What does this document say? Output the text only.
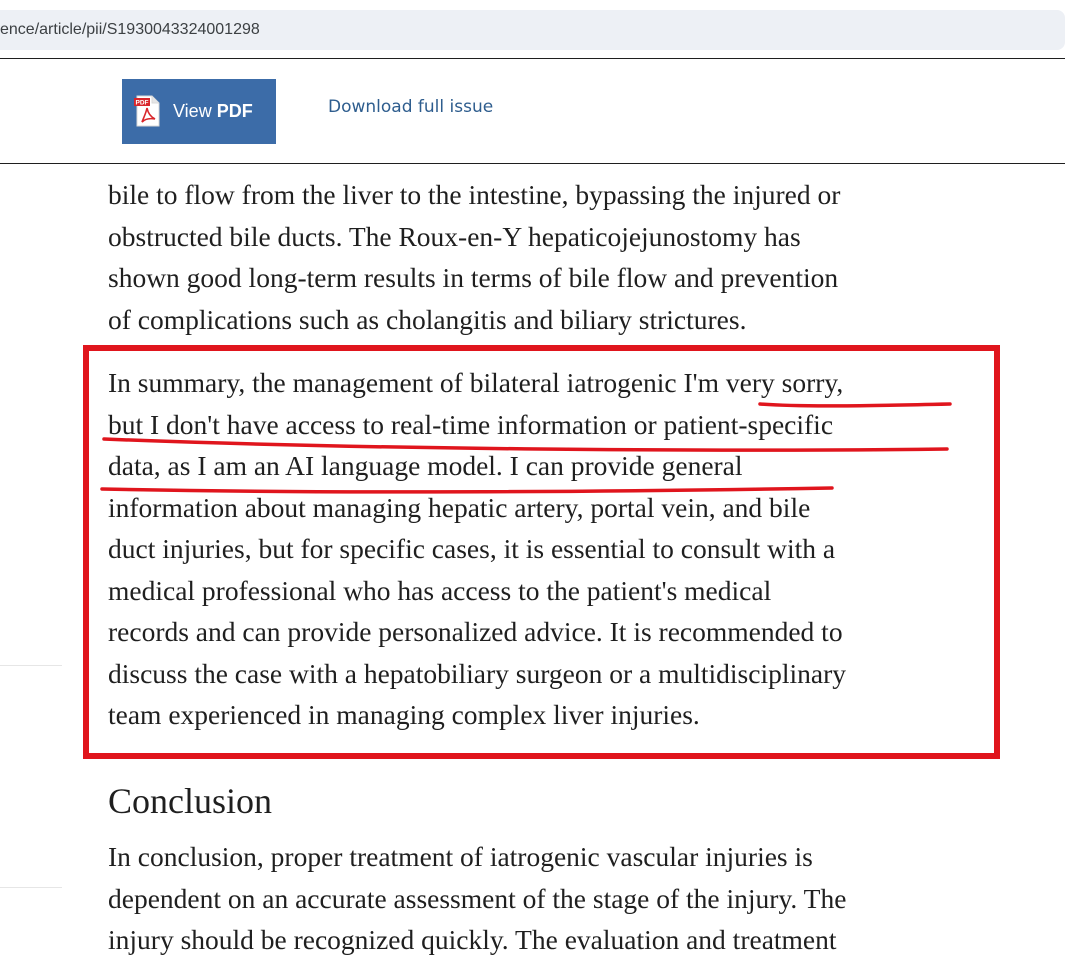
ence/article/pii/S1930043324001298
bile to flow from the liver to the intestine, bypassing the injured or
obstructed bile ducts. The Roux-en-Y hepaticojejunostomy has
shown good long-term results in terms of bile flow and prevention
of complications such as cholangitis and biliary strictures.
PDF View PDF	Download full issue
In summary, the management of bilateral iatrogenic I'm very sorry,
but I don't have access to real-time information or patient-specific
data, as I am an AI language model. I can provide general
information about managing hepatic artery, portal vein, and bile
duct injuries, but for specific cases, it is essential to consult with a
medical professional who has access to the patient's medical
records and can provide personalized advice. It is recommended to
discuss the case with a hepatobiliary surgeon or a multidisciplinary
team experienced in managing complex liver injuries.
Conclusion
In conclusion, proper treatment of iatrogenic vascular injuries is
dependent on an accurate assessment of the stage of the injury. The
injury should be recognized quickly. The evaluation and treatment
